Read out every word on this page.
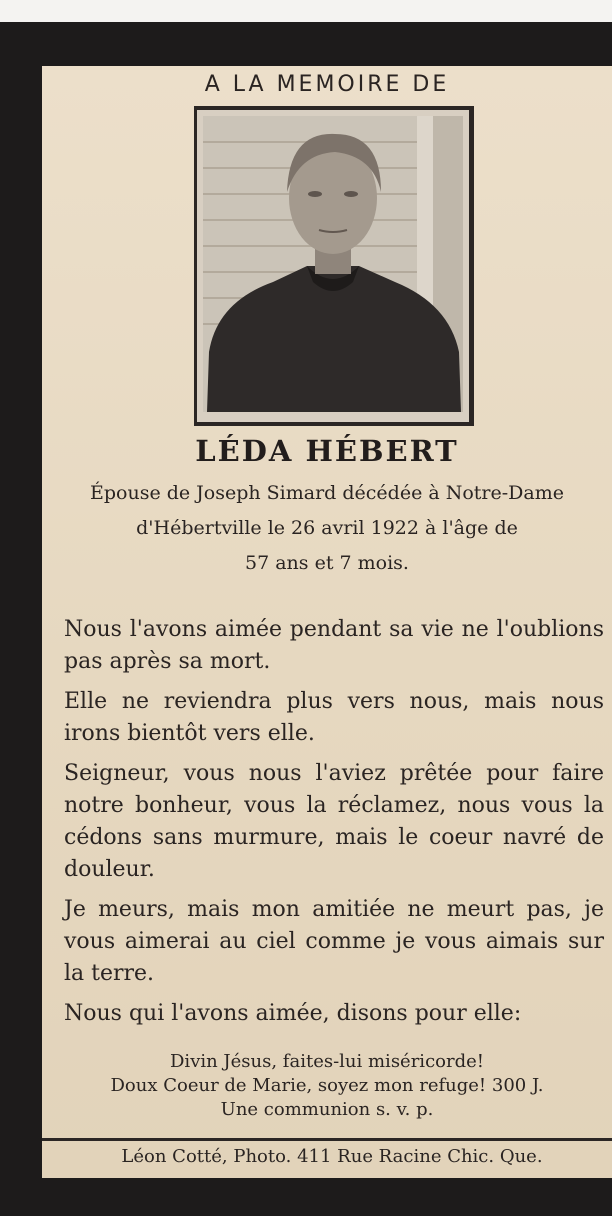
A LA MEMOIRE DE
LÉDA HÉBERT
Épouse de Joseph Simard décédée à Notre-Dame
d'Hébertville le 26 avril 1922 à l'âge de
57 ans et 7 mois.

Nous l'avons aimée pendant sa vie ne l'oublions pas après sa mort.

Elle ne reviendra plus vers nous, mais nous irons bientôt vers elle.

Seigneur, vous nous l'aviez prêtée pour faire notre bonheur, vous la réclamez, nous vous la cédons sans murmure, mais le coeur navré de douleur.

Je meurs, mais mon amitiée ne meurt pas, je vous aimerai au ciel comme je vous aimais sur la terre.

Nous qui l'avons aimée, disons pour elle:

Divin Jésus, faites-lui miséricorde!
Doux Coeur de Marie, soyez mon refuge! 300 J.
Une communion s. v. p.
Léon Cotté, Photo. 411 Rue Racine Chic. Que.
